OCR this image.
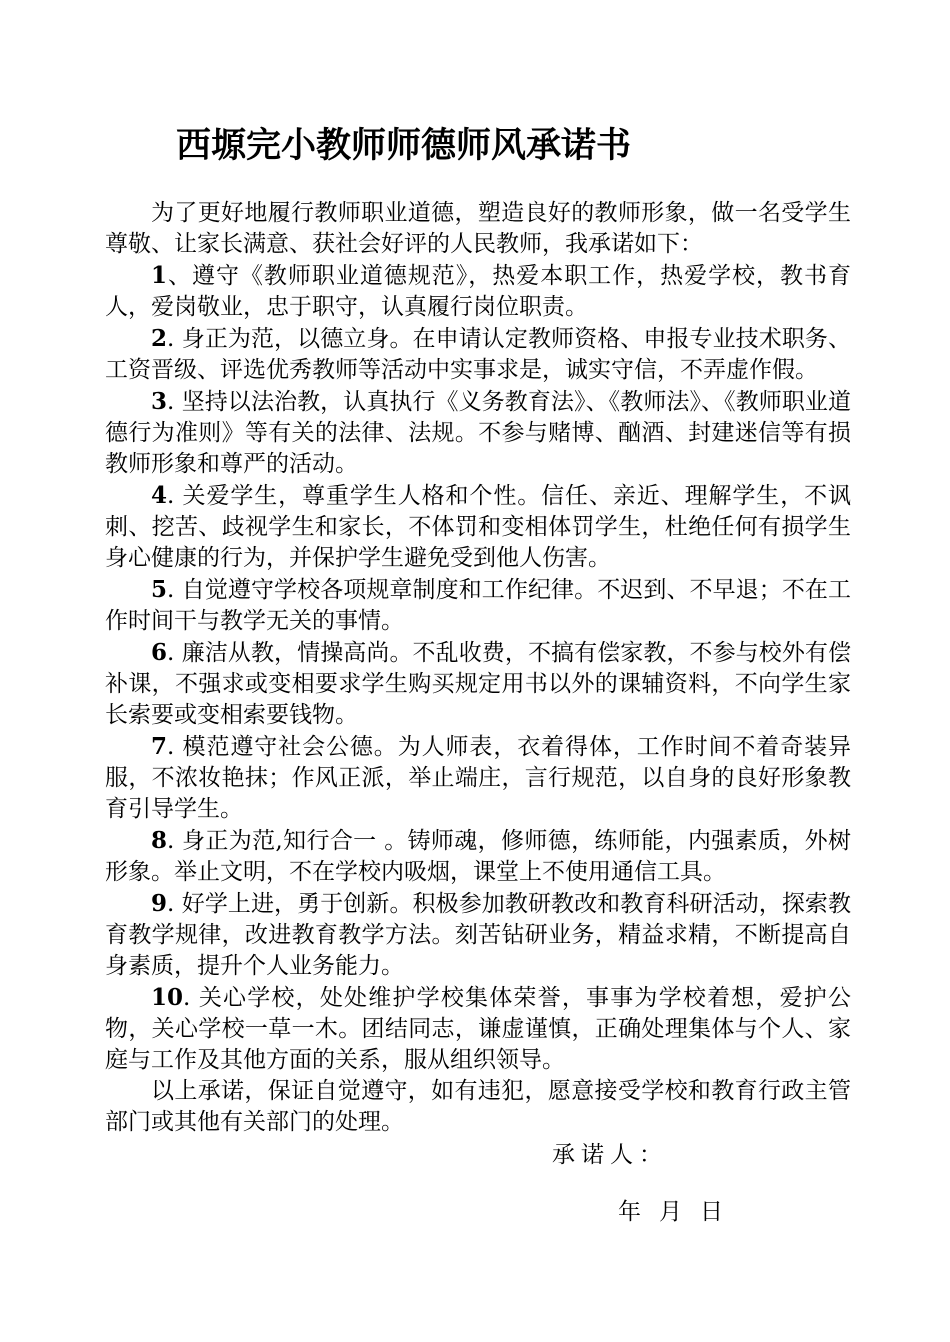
西塬完小教师师德师风承诺书

为了更好地履行教师职业道德，塑造良好的教师形象，做一名受学生尊敬、让家长满意、获社会好评的人民教师，我承诺如下：

1、遵守《教师职业道德规范》，热爱本职工作，热爱学校，教书育人，爱岗敬业，忠于职守，认真履行岗位职责。

2. 身正为范，以德立身。在申请认定教师资格、申报专业技术职务、工资晋级、评选优秀教师等活动中实事求是，诚实守信，不弄虚作假。

3. 坚持以法治教，认真执行《义务教育法》、《教师法》、《教师职业道德行为准则》等有关的法律、法规。不参与赌博、酗酒、封建迷信等有损教师形象和尊严的活动。

4. 关爱学生，尊重学生人格和个性。信任、亲近、理解学生，不讽刺、挖苦、歧视学生和家长，不体罚和变相体罚学生，杜绝任何有损学生身心健康的行为，并保护学生避免受到他人伤害。

5. 自觉遵守学校各项规章制度和工作纪律。不迟到、不早退；不在工作时间干与教学无关的事情。

6. 廉洁从教，情操高尚。不乱收费，不搞有偿家教，不参与校外有偿补课，不强求或变相要求学生购买规定用书以外的课辅资料，不向学生家长索要或变相索要钱物。

7. 模范遵守社会公德。为人师表，衣着得体，工作时间不着奇装异服，不浓妆艳抹；作风正派，举止端庄，言行规范，以自身的良好形象教育引导学生。

8. 身正为范,知行合一 。铸师魂，修师德，练师能，内强素质，外树形象。举止文明，不在学校内吸烟，课堂上不使用通信工具。

9. 好学上进，勇于创新。积极参加教研教改和教育科研活动，探索教育教学规律，改进教育教学方法。刻苦钻研业务，精益求精，不断提高自身素质，提升个人业务能力。

10. 关心学校，处处维护学校集体荣誉，事事为学校着想，爱护公物，关心学校一草一木。团结同志，谦虚谨慎，正确处理集体与个人、家庭与工作及其他方面的关系，服从组织领导。

以上承诺，保证自觉遵守，如有违犯，愿意接受学校和教育行政主管部门或其他有关部门的处理。

承诺人：
年 月 日
